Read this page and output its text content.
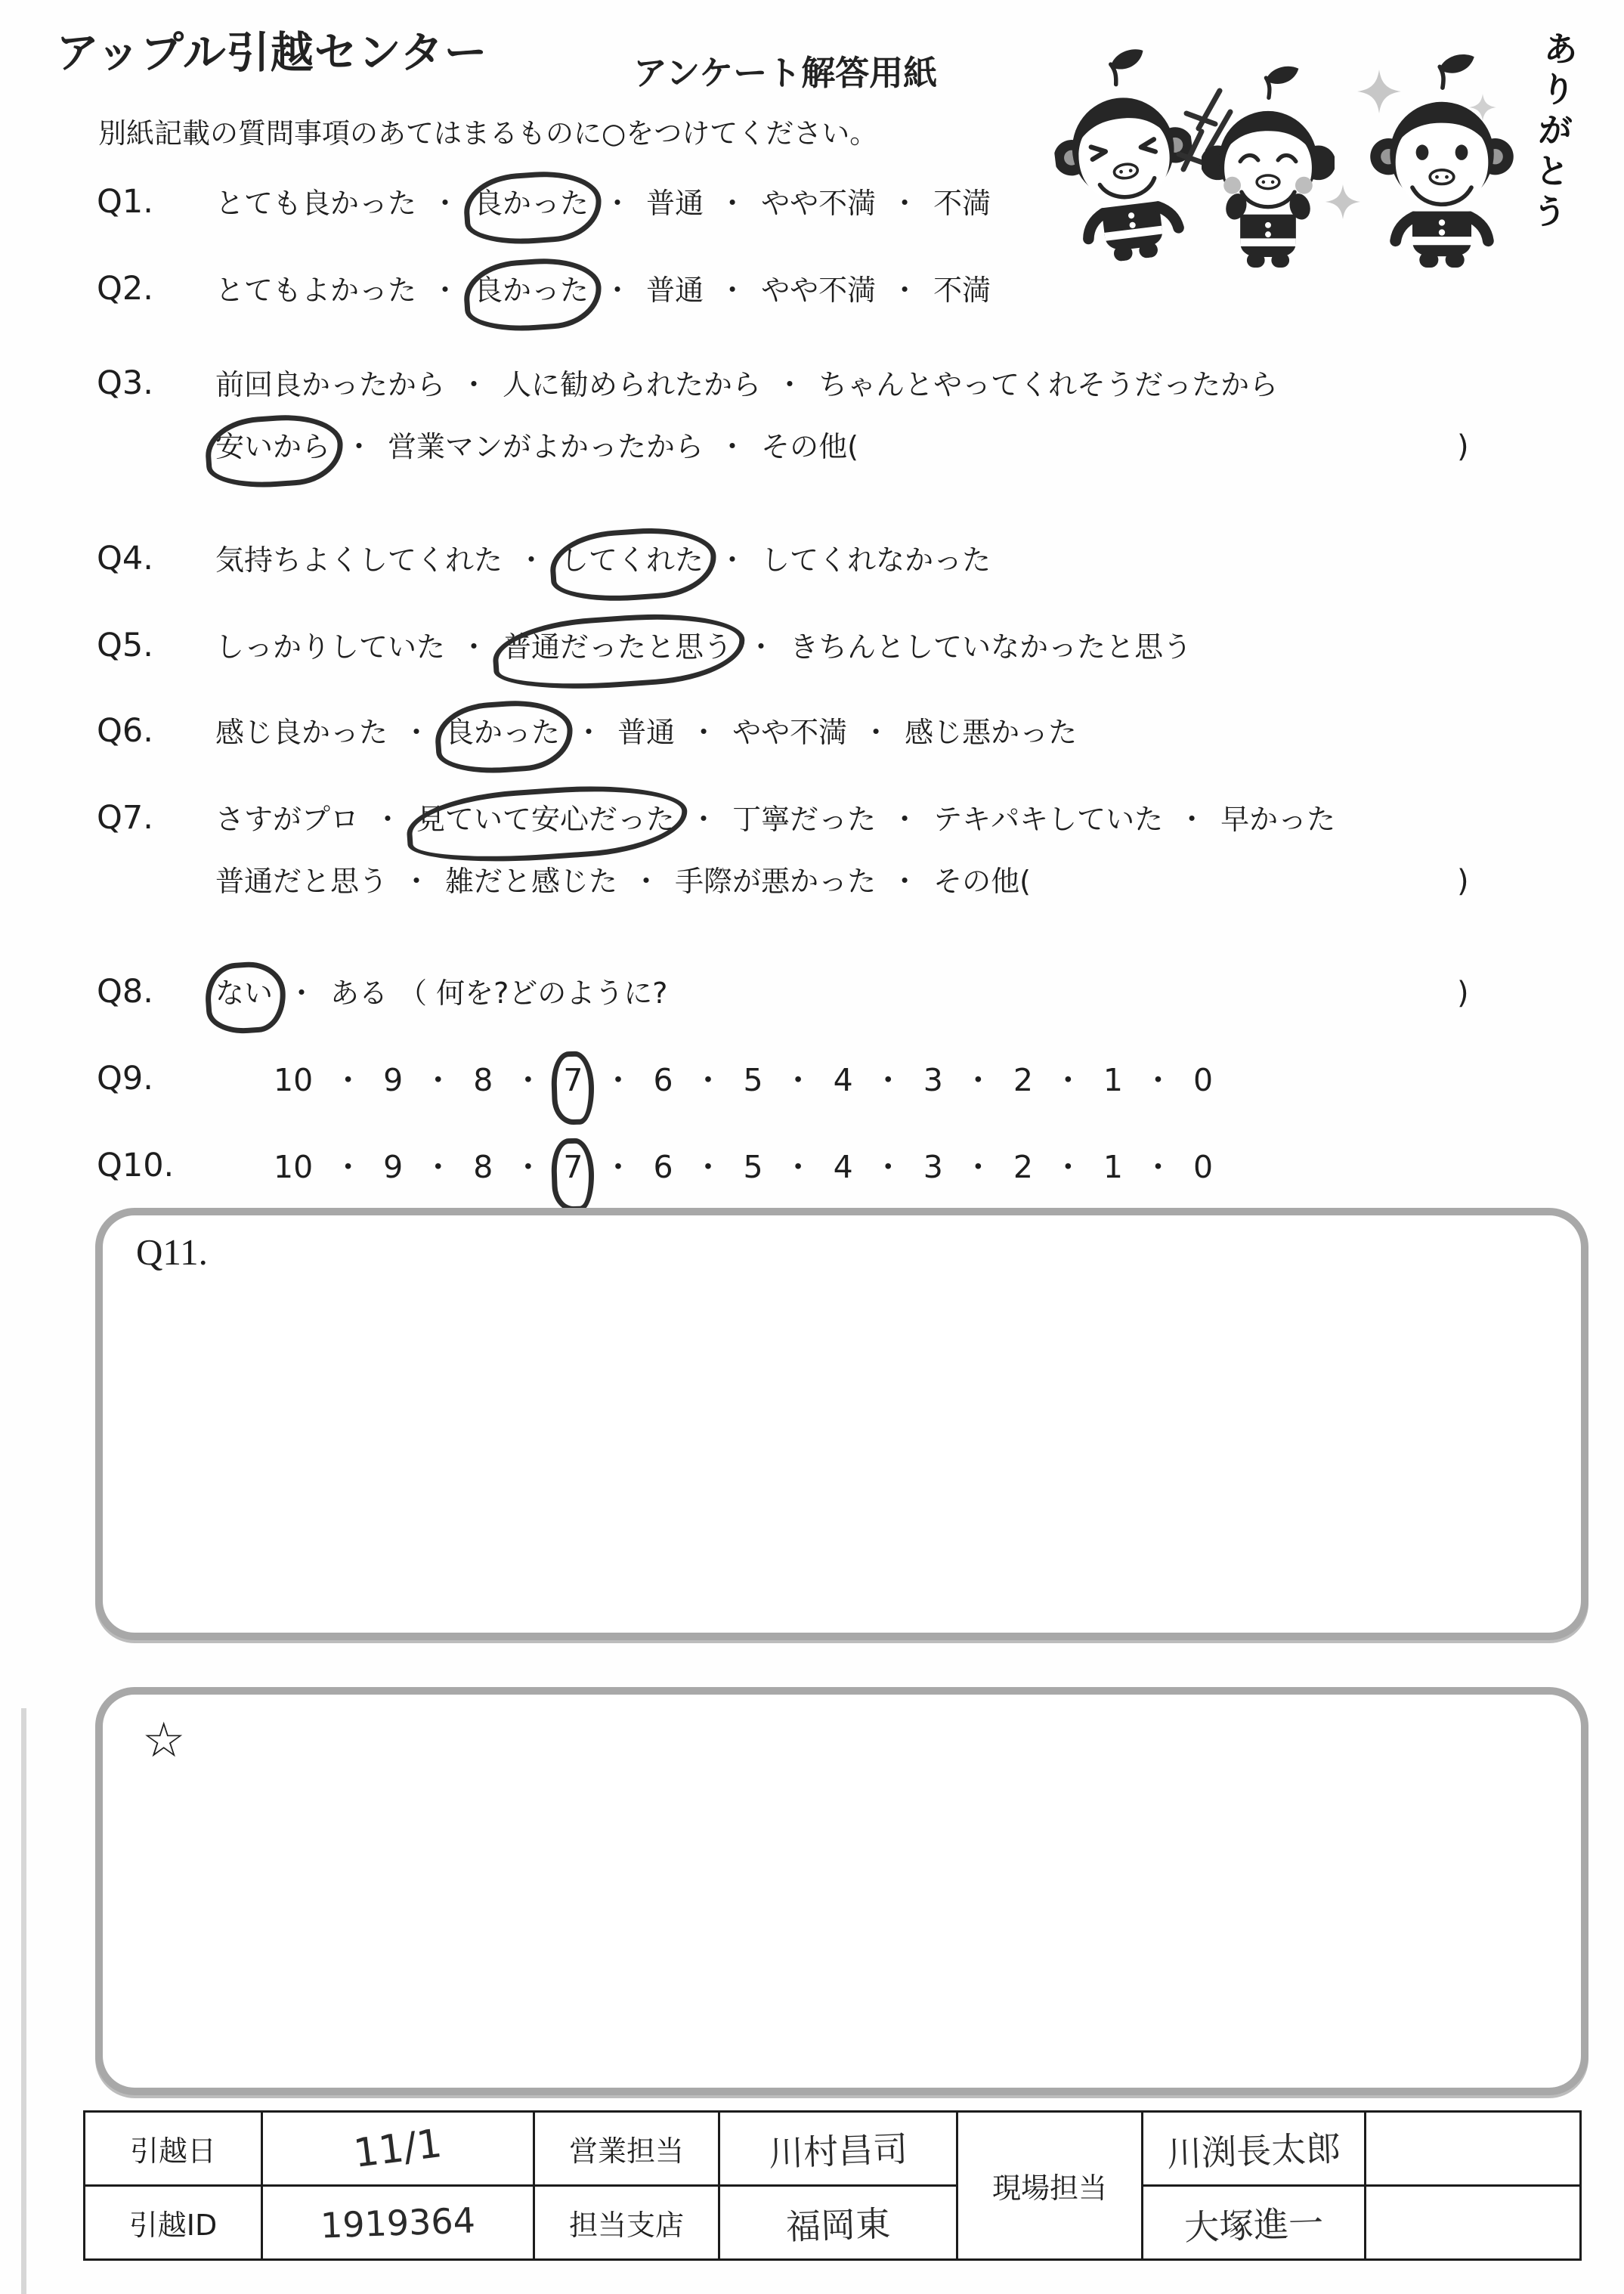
アップル引越センター	アンケート解答用紙
別紙記載の質問事項のあてはまるものに○をつけてください。	ありがとう
Q1.	とても良かった ・ 良かった ・ 普通 ・ やや不満 ・ 不満
Q2.	とてもよかった ・ 良かった ・ 普通 ・ やや不満 ・ 不満
Q3.	前回良かったから ・ 人に勧められたから ・ ちゃんとやってくれそうだったから
安いから ・ 営業マンがよかったから ・ その他(	)
Q4.	気持ちよくしてくれた ・ してくれた ・ してくれなかった
Q5.	しっかりしていた ・ 普通だったと思う ・ きちんとしていなかったと思う
Q6.	感じ良かった ・ 良かった ・ 普通 ・ やや不満 ・ 感じ悪かった
Q7.	さすがプロ ・ 見ていて安心だった ・ 丁寧だった ・ テキパキしていた ・ 早かった
普通だと思う ・ 雑だと感じた ・ 手際が悪かった ・ その他(	)
Q8.	ない ・ ある （ 何を?どのように?	)
Q9.	10 ・ 9 ・ 8 ・ 7 ・ 6 ・ 5 ・ 4 ・ 3 ・ 2 ・ 1 ・ 0
Q10.	10 ・ 9 ・ 8 ・ 7 ・ 6 ・ 5 ・ 4 ・ 3 ・ 2 ・ 1 ・ 0
Q11.
☆
引越日	11/1	営業担当	川村昌司	現場担当	川渕長太郎	
引越ID	1919364	担当支店	福岡東		大塚進一	
